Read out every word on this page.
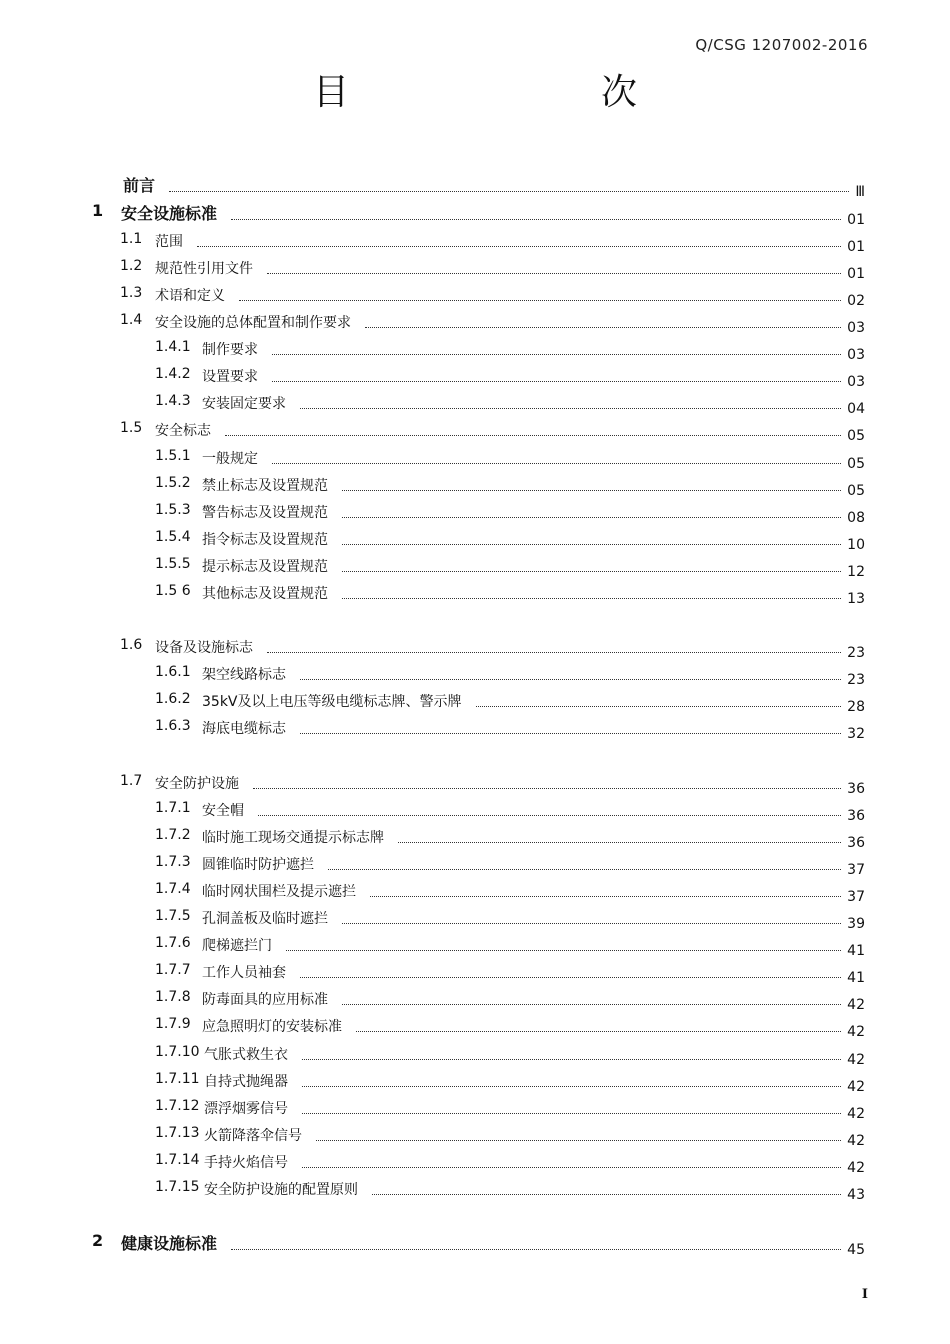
Q/CSG 1207002-2016
目　　次
前言	Ⅲ
1	安全设施标准	01
1.1 范围	01
1.2 规范性引用文件	01
1.3 术语和定义	02
1.4 安全设施的总体配置和制作要求	03
1.4.1 制作要求	03
1.4.2 设置要求	03
1.4.3 安装固定要求	04
1.5 安全标志	05
1.5.1 一般规定	05
1.5.2 禁止标志及设置规范	05
1.5.3 警告标志及设置规范	08
1.5.4 指令标志及设置规范	10
1.5.5 提示标志及设置规范	12
1.5 6 其他标志及设置规范	13
1.6 设备及设施标志	23
1.6.1 架空线路标志	23
1.6.2 35kV及以上电压等级电缆标志牌、警示牌	28
1.6.3 海底电缆标志	32
1.7 安全防护设施	36
1.7.1 安全帽	36
1.7.2 临时施工现场交通提示标志牌	36
1.7.3 圆锥临时防护遮拦	37
1.7.4 临时网状围栏及提示遮拦	37
1.7.5 孔洞盖板及临时遮拦	39
1.7.6 爬梯遮拦门	41
1.7.7 工作人员袖套	41
1.7.8 防毒面具的应用标准	42
1.7.9 应急照明灯的安装标准	42
1.7.10 气胀式救生衣	42
1.7.11 自持式抛绳器	42
1.7.12 漂浮烟雾信号	42
1.7.13 火箭降落伞信号	42
1.7.14 手持火焰信号	42
1.7.15 安全防护设施的配置原则	43
2	健康设施标准	45
I
